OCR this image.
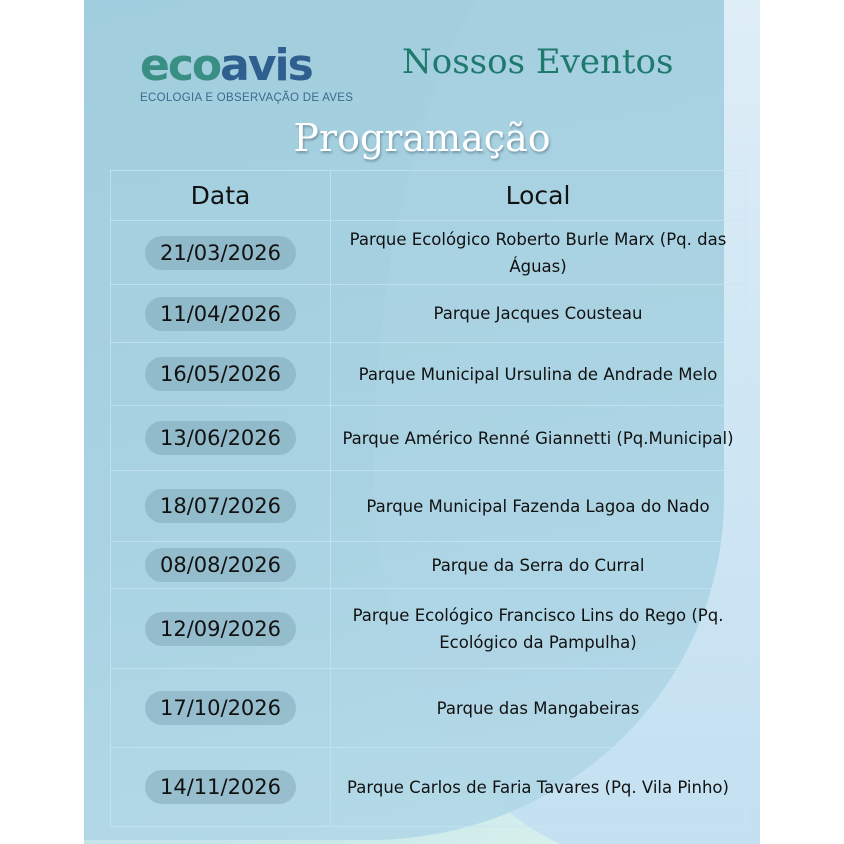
ecoavis
ECOLOGIA E OBSERVAÇÃO DE AVES
Nossos Eventos
Programação
Data	Local
21/03/2026	Parque Ecológico Roberto Burle Marx (Pq. das Águas)
11/04/2026	Parque Jacques Cousteau
16/05/2026	Parque Municipal Ursulina de Andrade Melo
13/06/2026	Parque Américo Renné Giannetti (Pq.Municipal)
18/07/2026	Parque Municipal Fazenda Lagoa do Nado
08/08/2026	Parque da Serra do Curral
12/09/2026	Parque Ecológico Francisco Lins do Rego (Pq. Ecológico da Pampulha)
17/10/2026	Parque das Mangabeiras
14/11/2026	Parque Carlos de Faria Tavares (Pq. Vila Pinho)
